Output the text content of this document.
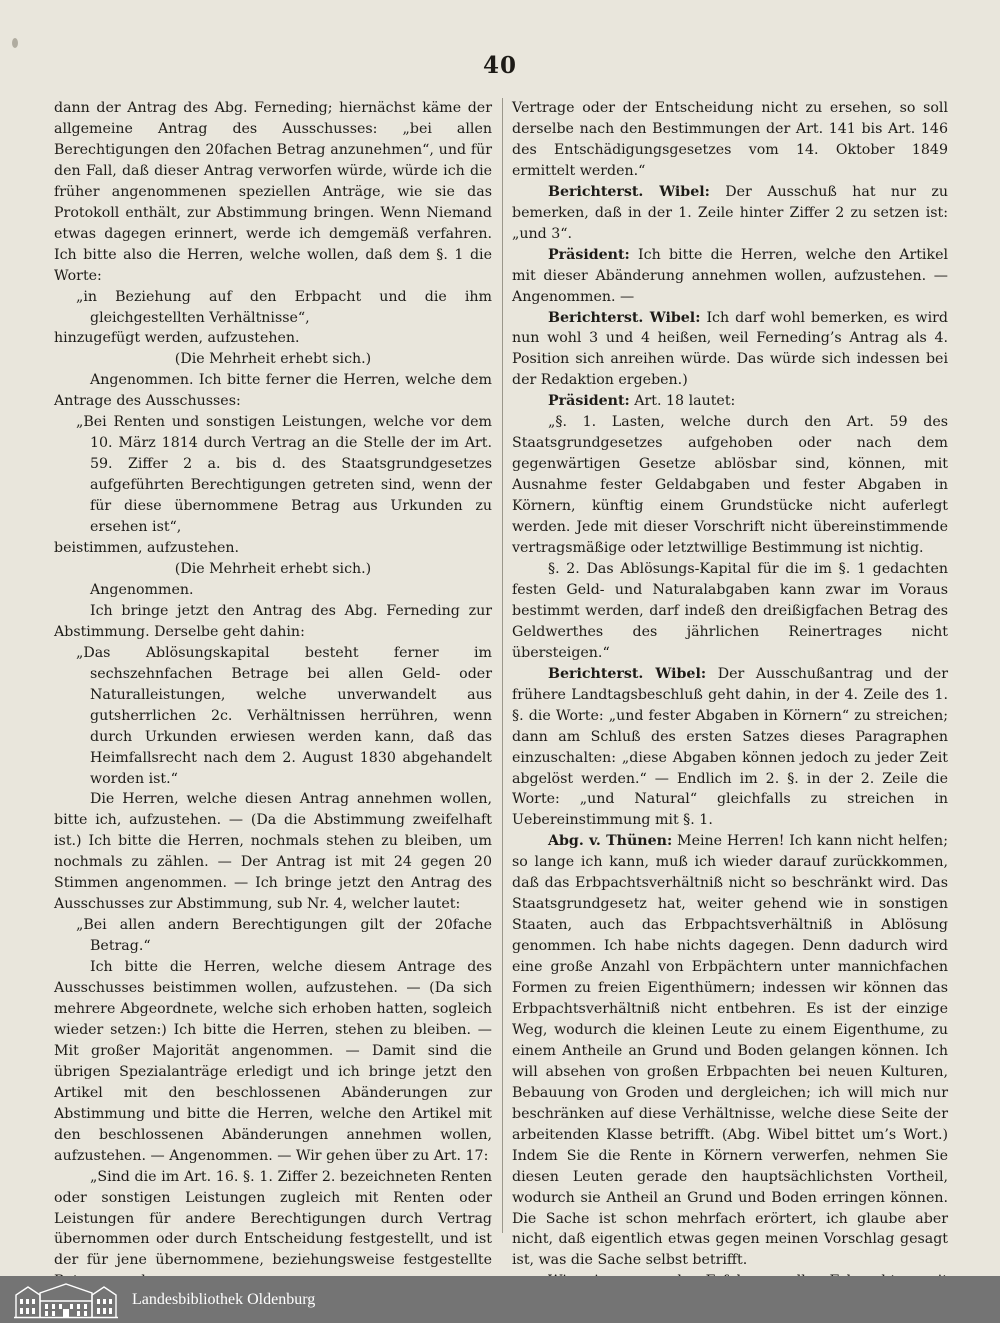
40

dann der Antrag des Abg. Ferneding; hiernächst käme der allgemeine Antrag des Ausschusses: „bei allen Berechtigungen den 20fachen Betrag anzunehmen“, und für den Fall, daß dieser Antrag verworfen würde, würde ich die früher angenommenen speziellen Anträge, wie sie das Protokoll enthält, zur Abstimmung bringen. Wenn Niemand etwas dagegen erinnert, werde ich demgemäß verfahren. Ich bitte also die Herren, welche wollen, daß dem §. 1 die Worte:

„in Beziehung auf den Erbpacht und die ihm gleichgestellten Verhältnisse“,

hinzugefügt werden, aufzustehen.

(Die Mehrheit erhebt sich.)

Angenommen. Ich bitte ferner die Herren, welche dem Antrage des Ausschusses:

„Bei Renten und sonstigen Leistungen, welche vor dem 10. März 1814 durch Vertrag an die Stelle der im Art. 59. Ziffer 2 a. bis d. des Staatsgrundgesetzes aufgeführten Berechtigungen getreten sind, wenn der für diese übernommene Betrag aus Urkunden zu ersehen ist“,

beistimmen, aufzustehen.

(Die Mehrheit erhebt sich.)

Angenommen.

Ich bringe jetzt den Antrag des Abg. Ferneding zur Abstimmung. Derselbe geht dahin:

„Das Ablösungskapital besteht ferner im sechszehnfachen Betrage bei allen Geld- oder Naturalleistungen, welche unverwandelt aus gutsherrlichen 2c. Verhältnissen herrühren, wenn durch Urkunden erwiesen werden kann, daß das Heimfallsrecht nach dem 2. August 1830 abgehandelt worden ist.“

Die Herren, welche diesen Antrag annehmen wollen, bitte ich, aufzustehen. — (Da die Abstimmung zweifelhaft ist.) Ich bitte die Herren, nochmals stehen zu bleiben, um nochmals zu zählen. — Der Antrag ist mit 24 gegen 20 Stimmen angenommen. — Ich bringe jetzt den Antrag des Ausschusses zur Abstimmung, sub Nr. 4, welcher lautet:

„Bei allen andern Berechtigungen gilt der 20fache Betrag.“

Ich bitte die Herren, welche diesem Antrage des Ausschusses beistimmen wollen, aufzustehen. — (Da sich mehrere Abgeordnete, welche sich erhoben hatten, sogleich wieder setzen:) Ich bitte die Herren, stehen zu bleiben. — Mit großer Majorität angenommen. — Damit sind die übrigen Spezialanträge erledigt und ich bringe jetzt den Artikel mit den beschlossenen Abänderungen zur Abstimmung und bitte die Herren, welche den Artikel mit den beschlossenen Abänderungen annehmen wollen, aufzustehen. — Angenommen. — Wir gehen über zu Art. 17:

„Sind die im Art. 16. §. 1. Ziffer 2. bezeichneten Renten oder sonstigen Leistungen zugleich mit Renten oder Leistungen für andere Berechtigungen durch Vertrag übernommen oder durch Entscheidung festgestellt, und ist der für jene übernommene, beziehungsweise festgestellte

Vertrage oder der Entscheidung nicht zu ersehen, so soll derselbe nach den Bestimmungen der Art. 141 bis Art. 146 des Entschädigungsgesetzes vom 14. Oktober 1849 ermittelt werden.“

Berichterst. Wibel: Der Ausschuß hat nur zu bemerken, daß in der 1. Zeile hinter Ziffer 2 zu setzen ist: „und 3“.

Präsident: Ich bitte die Herren, welche den Artikel mit dieser Abänderung annehmen wollen, aufzustehen. — Angenommen. —

Berichterst. Wibel: Ich darf wohl bemerken, es wird nun wohl 3 und 4 heißen, weil Ferneding’s Antrag als 4. Position sich anreihen würde. Das würde sich indessen bei der Redaktion ergeben.)

Präsident: Art. 18 lautet:

„§. 1. Lasten, welche durch den Art. 59 des Staatsgrundgesetzes aufgehoben oder nach dem gegenwärtigen Gesetze ablösbar sind, können, mit Ausnahme fester Geldabgaben und fester Abgaben in Körnern, künftig einem Grundstücke nicht auferlegt werden. Jede mit dieser Vorschrift nicht übereinstimmende vertragsmäßige oder letztwillige Bestimmung ist nichtig.

§. 2. Das Ablösungs-Kapital für die im §. 1 gedachten festen Geld- und Naturalabgaben kann zwar im Voraus bestimmt werden, darf indeß den dreißigfachen Betrag des Geldwerthes des jährlichen Reinertrages nicht übersteigen.“

Berichterst. Wibel: Der Ausschußantrag und der frühere Landtagsbeschluß geht dahin, in der 4. Zeile des 1. §. die Worte: „und fester Abgaben in Körnern“ zu streichen; dann am Schluß des ersten Satzes dieses Paragraphen einzuschalten: „diese Abgaben können jedoch zu jeder Zeit abgelöst werden.“ — Endlich im 2. §. in der 2. Zeile die Worte: „und Natural“ gleichfalls zu streichen in Uebereinstimmung mit §. 1.

Abg. v. Thünen: Meine Herren! Ich kann nicht helfen; so lange ich kann, muß ich wieder darauf zurückkommen, daß das Erbpachtsverhältniß nicht so beschränkt wird. Das Staatsgrundgesetz hat, weiter gehend wie in sonstigen Staaten, auch das Erbpachtsverhältniß in Ablösung genommen. Ich habe nichts dagegen. Denn dadurch wird eine große Anzahl von Erbpächtern unter mannichfachen Formen zu freien Eigenthümern; indessen wir können das Erbpachtsverhältniß nicht entbehren. Es ist der einzige Weg, wodurch die kleinen Leute zu einem Eigenthume, zu einem Antheile an Grund und Boden gelangen können. Ich will absehen von großen Erbpachten bei neuen Kulturen, Bebauung von Groden und dergleichen; ich will mich nur beschränken auf diese Verhältnisse, welche diese Seite der arbeitenden Klasse betrifft. (Abg. Wibel bittet um’s Wort.) Indem Sie die Rente in Körnern verwerfen, nehmen Sie diesen Leuten gerade den hauptsächlichsten Vortheil, wodurch sie Antheil an Grund und Boden erringen können. Die Sache ist schon mehrfach erörtert, ich glaube aber nicht, daß eigentlich etwas gegen meinen Vorschlag gesagt ist, was die Sache selbst betrifft.

Landesbibliothek Oldenburg
